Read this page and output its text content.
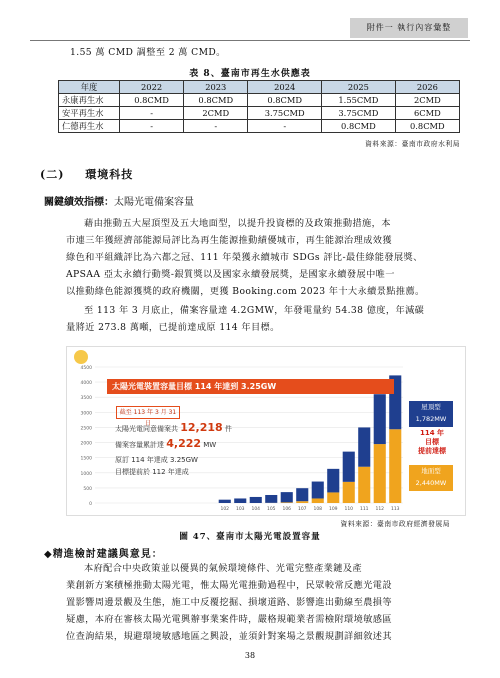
附件一 執行內容彙整
1.55 萬 CMD 調整至 2 萬 CMD。
表 8、臺南市再生水供應表
年度	2022	2023	2024	2025	2026
永康再生水	0.8CMD	0.8CMD	0.8CMD	1.55CMD	2CMD
安平再生水	-	2CMD	3.75CMD	3.75CMD	6CMD
仁德再生水	-	-	-	0.8CMD	0.8CMD
資料來源：臺南市政府水利局
(二) 環境科技
關鍵績效指標：太陽光電備案容量
藉由推動五大屋頂型及五大地面型，以提升投資標的及政策推動措施，本
市連三年獲經濟部能源局評比為再生能源推動績優城市，再生能源治理成效獲
綠色和平組織評比為六都之冠、111 年榮獲永續城市 SDGs 評比-最佳綠能發展獎、
APSAA 亞太永續行動獎-銀質獎以及國家永續發展獎，是國家永續發展中唯一
以推動綠色能源獲獎的政府機關，更獲 Booking.com 2023 年十大永續景點推薦。
至 113 年 3 月底止，備案容量達 4.2GMW，年發電量約 54.38 億度，年減碳
量將近 273.8 萬噸，已提前達成原 114 年目標。
0
500
1000
1500
2000
2500
3000
3500
4000
4500
102 103 104 105 106 107 108 109 110 111 112 113
太陽光電裝置容量目標 114 年達到 3.25GW
截至 113 年 3 月 31 日
太陽光電同意備案共 12,218 件
備案容量累計達 4,222 MW
原訂 114 年達成 3.25GW
目標提前於 112 年達成
屋頂型
1,782MW
114 年
目標
提前達標
地面型
2,440MW
資料來源：臺南市政府經濟發展局
圖 47、臺南市太陽光電設置容量
◆精進檢討建議與意見：
本府配合中央政策並以優異的氣候環境條件、光電完整產業鏈及產
業創新方案積極推動太陽光電，惟太陽光電推動過程中，民眾較常反應光電設
置影響周邊景觀及生態，施工中反覆挖掘、損壞道路、影響進出動線至農損等
疑慮，本府在審核太陽光電興辦事業案件時，嚴格規範業者需檢附環境敏感區
位查詢結果，規避環境敏感地區之興設，並須針對案場之景觀規劃詳細敘述其
38
